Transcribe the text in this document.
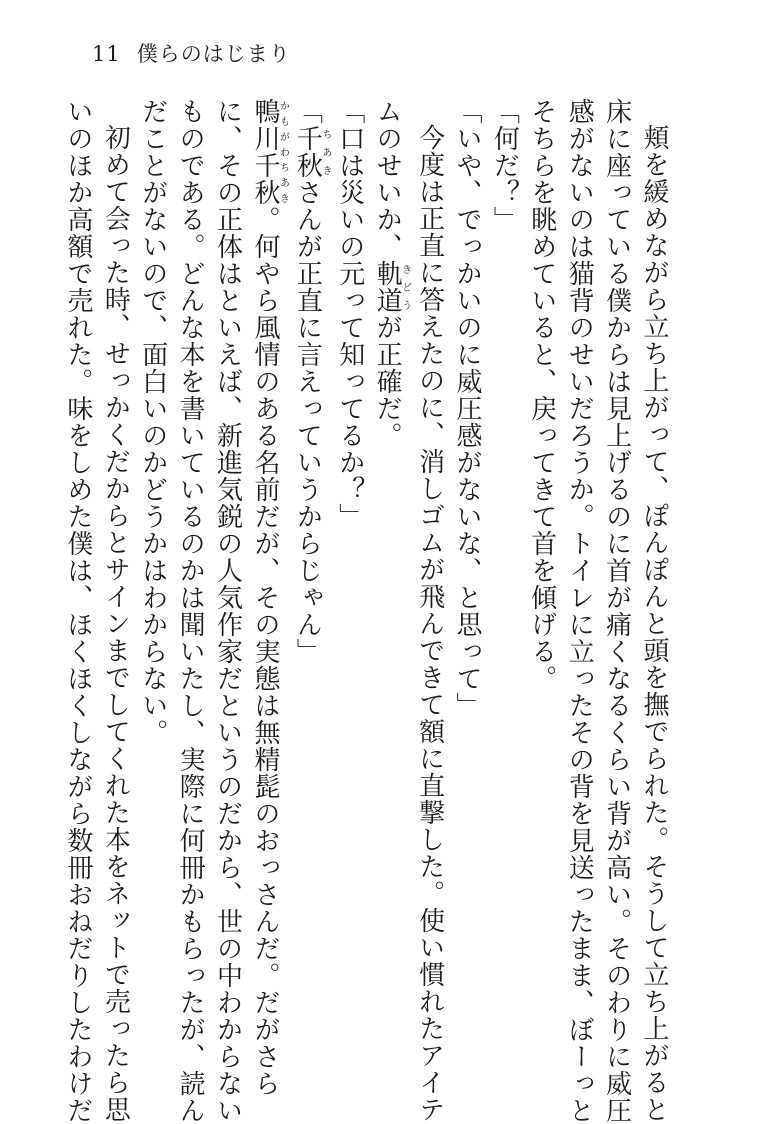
11 僕らのはじまり

頬を緩めながら立ち上がって、ぽんぽんと頭を撫でられた。そうして立ち上がると

床に座っている僕からは見上げるのに首が痛くなるくらい背が高い。そのわりに威圧

感がないのは猫背のせいだろうか。トイレに立ったその背を見送ったまま、ぼーっと

そちらを眺めていると、戻ってきて首を傾げる。

「何だ？」

「いや、でっかいのに威圧感がないな、と思って」

今度は正直に答えたのに、消しゴムが飛んできて額に直撃した。使い慣れたアイテ

ムのせいか、軌道きどうが正確だ。

「口は災いの元って知ってるか？」

「千秋ちあきさんが正直に言えっていうからじゃん」

鴨川千秋かもがわちあき。何やら風情のある名前だが、その実態は無精髭のおっさんだ。だがさら

に、その正体はといえば、新進気鋭の人気作家だというのだから、世の中わからない

ものである。どんな本を書いているのかは聞いたし、実際に何冊かもらったが、読ん

だことがないので、面白いのかどうかはわからない。

初めて会った時、せっかくだからとサインまでしてくれた本をネットで売ったら思

いのほか高額で売れた。味をしめた僕は、ほくほくしながら数冊おねだりしたわけだ
